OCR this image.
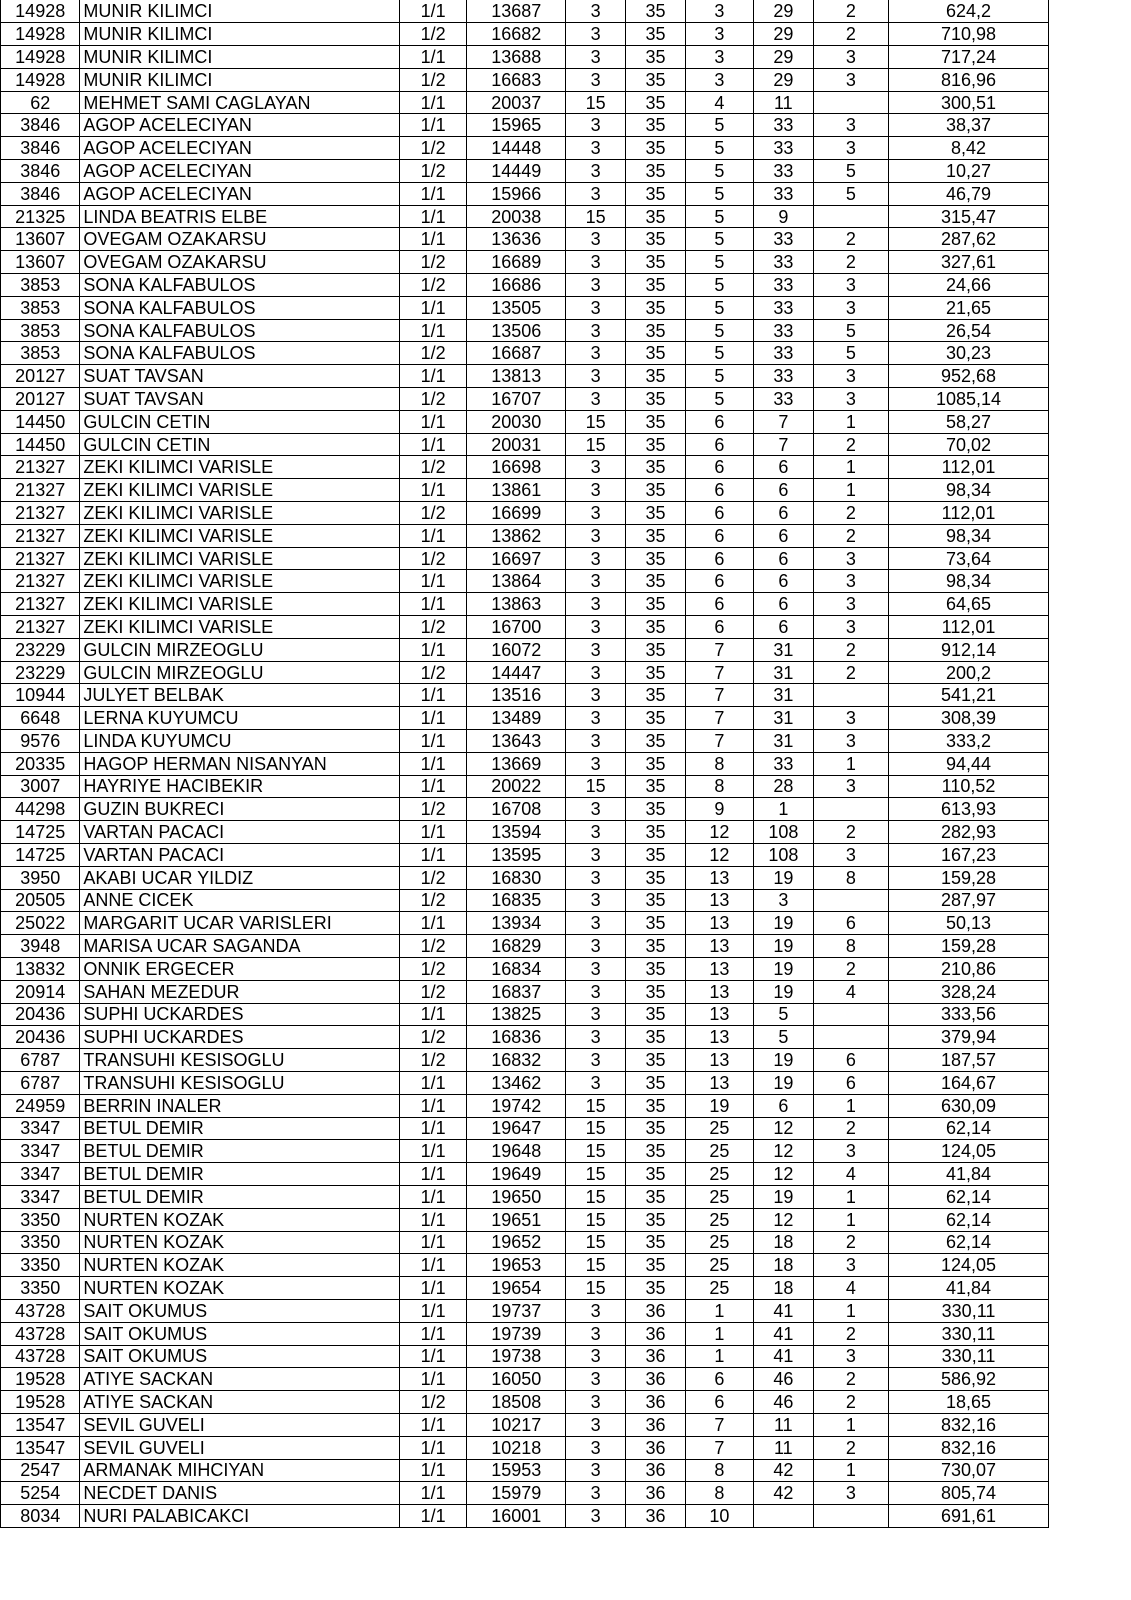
14928	MUNIR KILIMCI	1/1	13687	3	35	3	29	2	624,2
14928	MUNIR KILIMCI	1/2	16682	3	35	3	29	2	710,98
14928	MUNIR KILIMCI	1/1	13688	3	35	3	29	3	717,24
14928	MUNIR KILIMCI	1/2	16683	3	35	3	29	3	816,96
62	MEHMET SAMI CAGLAYAN	1/1	20037	15	35	4	11		300,51
3846	AGOP ACELECIYAN	1/1	15965	3	35	5	33	3	38,37
3846	AGOP ACELECIYAN	1/2	14448	3	35	5	33	3	8,42
3846	AGOP ACELECIYAN	1/2	14449	3	35	5	33	5	10,27
3846	AGOP ACELECIYAN	1/1	15966	3	35	5	33	5	46,79
21325	LINDA BEATRIS ELBE	1/1	20038	15	35	5	9		315,47
13607	OVEGAM OZAKARSU	1/1	13636	3	35	5	33	2	287,62
13607	OVEGAM OZAKARSU	1/2	16689	3	35	5	33	2	327,61
3853	SONA KALFABULOS	1/2	16686	3	35	5	33	3	24,66
3853	SONA KALFABULOS	1/1	13505	3	35	5	33	3	21,65
3853	SONA KALFABULOS	1/1	13506	3	35	5	33	5	26,54
3853	SONA KALFABULOS	1/2	16687	3	35	5	33	5	30,23
20127	SUAT TAVSAN	1/1	13813	3	35	5	33	3	952,68
20127	SUAT TAVSAN	1/2	16707	3	35	5	33	3	1085,14
14450	GULCIN CETIN	1/1	20030	15	35	6	7	1	58,27
14450	GULCIN CETIN	1/1	20031	15	35	6	7	2	70,02
21327	ZEKI KILIMCI VARISLE	1/2	16698	3	35	6	6	1	112,01
21327	ZEKI KILIMCI VARISLE	1/1	13861	3	35	6	6	1	98,34
21327	ZEKI KILIMCI VARISLE	1/2	16699	3	35	6	6	2	112,01
21327	ZEKI KILIMCI VARISLE	1/1	13862	3	35	6	6	2	98,34
21327	ZEKI KILIMCI VARISLE	1/2	16697	3	35	6	6	3	73,64
21327	ZEKI KILIMCI VARISLE	1/1	13864	3	35	6	6	3	98,34
21327	ZEKI KILIMCI VARISLE	1/1	13863	3	35	6	6	3	64,65
21327	ZEKI KILIMCI VARISLE	1/2	16700	3	35	6	6	3	112,01
23229	GULCIN MIRZEOGLU	1/1	16072	3	35	7	31	2	912,14
23229	GULCIN MIRZEOGLU	1/2	14447	3	35	7	31	2	200,2
10944	JULYET BELBAK	1/1	13516	3	35	7	31		541,21
6648	LERNA KUYUMCU	1/1	13489	3	35	7	31	3	308,39
9576	LINDA KUYUMCU	1/1	13643	3	35	7	31	3	333,2
20335	HAGOP HERMAN NISANYAN	1/1	13669	3	35	8	33	1	94,44
3007	HAYRIYE HACIBEKIR	1/1	20022	15	35	8	28	3	110,52
44298	GUZIN BUKRECI	1/2	16708	3	35	9	1		613,93
14725	VARTAN PACACI	1/1	13594	3	35	12	108	2	282,93
14725	VARTAN PACACI	1/1	13595	3	35	12	108	3	167,23
3950	AKABI UCAR YILDIZ	1/2	16830	3	35	13	19	8	159,28
20505	ANNE CICEK	1/2	16835	3	35	13	3		287,97
25022	MARGARIT UCAR VARISLERI	1/1	13934	3	35	13	19	6	50,13
3948	MARISA UCAR SAGANDA	1/2	16829	3	35	13	19	8	159,28
13832	ONNIK ERGECER	1/2	16834	3	35	13	19	2	210,86
20914	SAHAN MEZEDUR	1/2	16837	3	35	13	19	4	328,24
20436	SUPHI UCKARDES	1/1	13825	3	35	13	5		333,56
20436	SUPHI UCKARDES	1/2	16836	3	35	13	5		379,94
6787	TRANSUHI KESISOGLU	1/2	16832	3	35	13	19	6	187,57
6787	TRANSUHI KESISOGLU	1/1	13462	3	35	13	19	6	164,67
24959	BERRIN INALER	1/1	19742	15	35	19	6	1	630,09
3347	BETUL DEMIR	1/1	19647	15	35	25	12	2	62,14
3347	BETUL DEMIR	1/1	19648	15	35	25	12	3	124,05
3347	BETUL DEMIR	1/1	19649	15	35	25	12	4	41,84
3347	BETUL DEMIR	1/1	19650	15	35	25	19	1	62,14
3350	NURTEN KOZAK	1/1	19651	15	35	25	12	1	62,14
3350	NURTEN KOZAK	1/1	19652	15	35	25	18	2	62,14
3350	NURTEN KOZAK	1/1	19653	15	35	25	18	3	124,05
3350	NURTEN KOZAK	1/1	19654	15	35	25	18	4	41,84
43728	SAIT OKUMUS	1/1	19737	3	36	1	41	1	330,11
43728	SAIT OKUMUS	1/1	19739	3	36	1	41	2	330,11
43728	SAIT OKUMUS	1/1	19738	3	36	1	41	3	330,11
19528	ATIYE SACKAN	1/1	16050	3	36	6	46	2	586,92
19528	ATIYE SACKAN	1/2	18508	3	36	6	46	2	18,65
13547	SEVIL GUVELI	1/1	10217	3	36	7	11	1	832,16
13547	SEVIL GUVELI	1/1	10218	3	36	7	11	2	832,16
2547	ARMANAK MIHCIYAN	1/1	15953	3	36	8	42	1	730,07
5254	NECDET DANIS	1/1	15979	3	36	8	42	3	805,74
8034	NURI PALABICAKCI	1/1	16001	3	36	10			691,61
